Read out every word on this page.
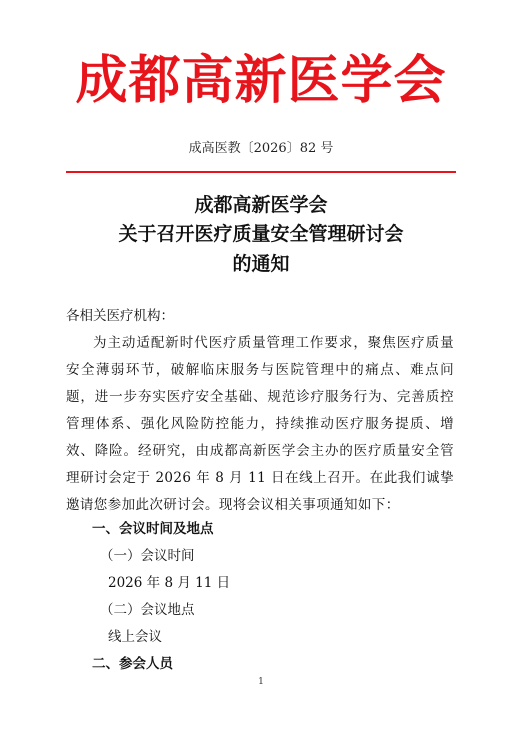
成都高新医学会
成高医教〔2026〕82 号
成都高新医学会
关于召开医疗质量安全管理研讨会
的通知
各相关医疗机构：
为主动适配新时代医疗质量管理工作要求，聚焦医疗质量安全薄弱环节，破解临床服务与医院管理中的痛点、难点问题，进一步夯实医疗安全基础、规范诊疗服务行为、完善质控管理体系、强化风险防控能力，持续推动医疗服务提质、增效、降险。经研究，由成都高新医学会主办的医疗质量安全管理研讨会定于 2026 年 8 月 11 日在线上召开。在此我们诚挚邀请您参加此次研讨会。现将会议相关事项通知如下：
一、会议时间及地点
（一）会议时间
2026 年 8 月 11 日
（二）会议地点
线上会议
二、参会人员
1
